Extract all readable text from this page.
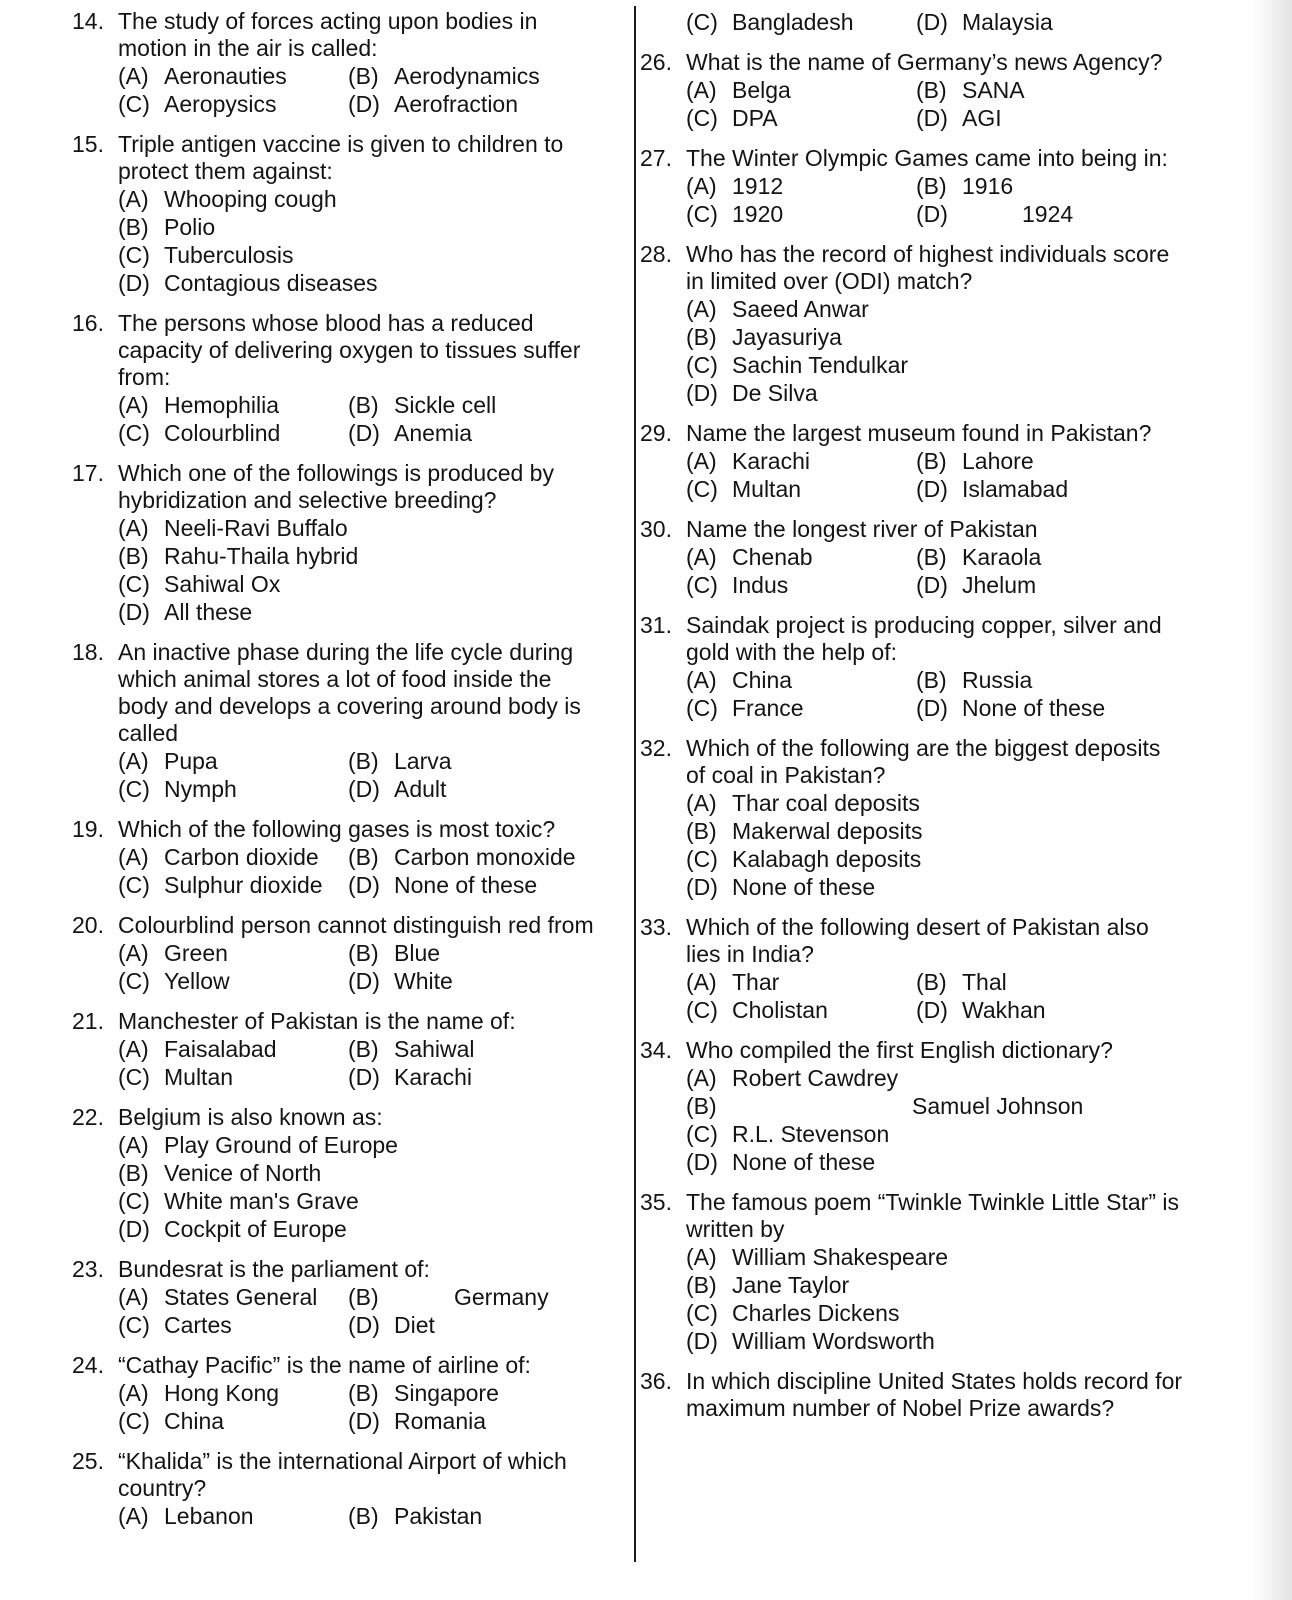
14. The study of forces acting upon bodies in motion in the air is called:
(A) Aeronauties	(B) Aerodynamics
(C) Aeropysics	(D) Aerofraction
15. Triple antigen vaccine is given to children to protect them against:
(A) Whooping cough
(B) Polio
(C) Tuberculosis
(D) Contagious diseases
16. The persons whose blood has a reduced capacity of delivering oxygen to tissues suffer from:
(A) Hemophilia	(B) Sickle cell
(C) Colourblind	(D) Anemia
17. Which one of the followings is produced by hybridization and selective breeding?
(A) Neeli-Ravi Buffalo
(B) Rahu-Thaila hybrid
(C) Sahiwal Ox
(D) All these
18. An inactive phase during the life cycle during which animal stores a lot of food inside the body and develops a covering around body is called
(A) Pupa	(B) Larva
(C) Nymph	(D) Adult
19. Which of the following gases is most toxic?
(A) Carbon dioxide	(B) Carbon monoxide
(C) Sulphur dioxide	(D) None of these
20. Colourblind person cannot distinguish red from
(A) Green	(B) Blue
(C) Yellow	(D) White
21. Manchester of Pakistan is the name of:
(A) Faisalabad	(B) Sahiwal
(C) Multan	(D) Karachi
22. Belgium is also known as:
(A) Play Ground of Europe
(B) Venice of North
(C) White man's Grave
(D) Cockpit of Europe
23. Bundesrat is the parliament of:
(A) States General	(B)	Germany
(C) Cartes	(D) Diet
24. “Cathay Pacific” is the name of airline of:
(A) Hong Kong	(B) Singapore
(C) China	(D) Romania
25. “Khalida” is the international Airport of which country?
(A) Lebanon	(B) Pakistan
(C) Bangladesh	(D) Malaysia
26. What is the name of Germany’s news Agency?
(A) Belga	(B) SANA
(C) DPA	(D) AGI
27. The Winter Olympic Games came into being in:
(A) 1912	(B) 1916
(C) 1920	(D)	1924
28. Who has the record of highest individuals score in limited over (ODI) match?
(A) Saeed Anwar
(B) Jayasuriya
(C) Sachin Tendulkar
(D) De Silva
29. Name the largest museum found in Pakistan?
(A) Karachi	(B) Lahore
(C) Multan	(D) Islamabad
30. Name the longest river of Pakistan
(A) Chenab	(B) Karaola
(C) Indus	(D) Jhelum
31. Saindak project is producing copper, silver and gold with the help of:
(A) China	(B) Russia
(C) France	(D) None of these
32. Which of the following are the biggest deposits of coal in Pakistan?
(A) Thar coal deposits
(B) Makerwal deposits
(C) Kalabagh deposits
(D) None of these
33. Which of the following desert of Pakistan also lies in India?
(A) Thar	(B) Thal
(C) Cholistan	(D) Wakhan
34. Who compiled the first English dictionary?
(A) Robert Cawdrey
(B)	Samuel Johnson
(C) R.L. Stevenson
(D) None of these
35. The famous poem “Twinkle Twinkle Little Star” is written by
(A) William Shakespeare
(B) Jane Taylor
(C) Charles Dickens
(D) William Wordsworth
36. In which discipline United States holds record for maximum number of Nobel Prize awards?
